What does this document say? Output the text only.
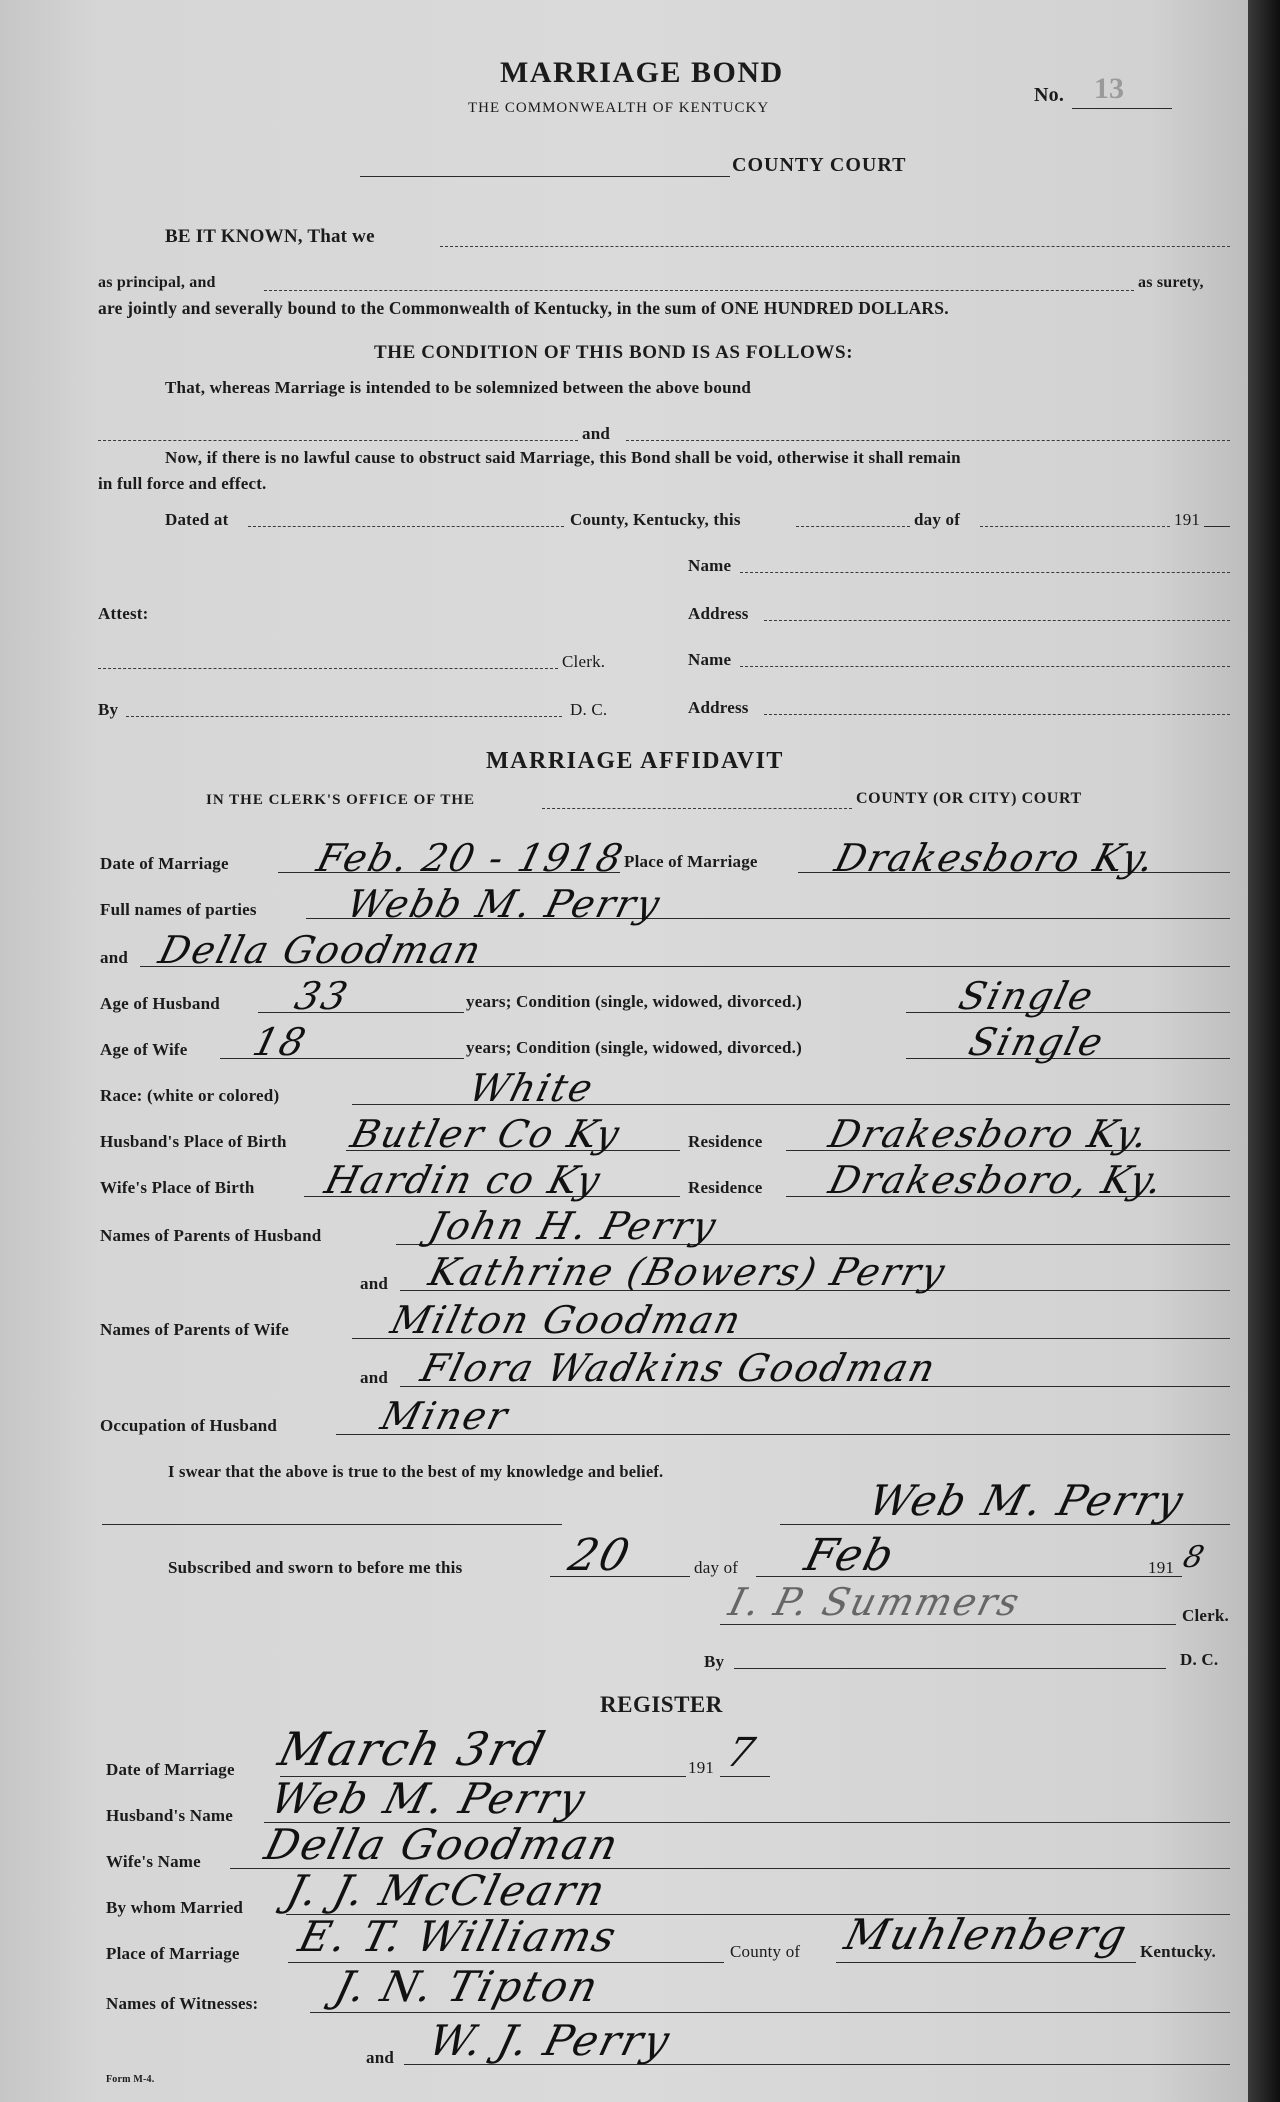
MARRIAGE BOND
THE COMMONWEALTH OF KENTUCKY
No. 13
COUNTY COURT
BE IT KNOWN, That we
as principal, and	as surety,
are jointly and severally bound to the Commonwealth of Kentucky, in the sum of ONE HUNDRED DOLLARS.
THE CONDITION OF THIS BOND IS AS FOLLOWS:
That, whereas Marriage is intended to be solemnized between the above bound
and
Now, if there is no lawful cause to obstruct said Marriage, this Bond shall be void, otherwise it shall remain
in full force and effect.
Dated at	County, Kentucky, this	day of	191
Name
Attest:	Address
Clerk.	Name
By	D. C.	Address
MARRIAGE AFFIDAVIT
IN THE CLERK'S OFFICE OF THE	COUNTY (OR CITY) COURT
Date of Marriage Feb. 20 - 1918
Place of Marriage Drakesboro Ky.
Full names of parties Webb M. Perry
and Della Goodman
Age of Husband 33	years; Condition (single, widowed, divorced.)	Single
Age of Wife 18	years; Condition (single, widowed, divorced.)	Single
Race: (white or colored)	White
Husband's Place of Birth Butler Co Ky	Residence Drakesboro Ky.
Wife's Place of Birth Hardin co Ky	Residence Drakesboro, Ky.
Names of Parents of Husband	John H. Perry
and Kathrine (Bowers) Perry
Names of Parents of Wife	Milton Goodman
and Flora Wadkins Goodman
Occupation of Husband	Miner
I swear that the above is true to the best of my knowledge and belief.
Web M. Perry
Subscribed and sworn to before me this 20	day of Feb	191 8
I. P. Summers	Clerk.
By	D. C.
REGISTER
Date of Marriage March 3rd	191 7
Husband's Name Web M. Perry
Wife's Name Della Goodman
By whom Married J. J. McClearn
Place of Marriage E. T. Williams	County of Muhlenberg Kentucky.
Names of Witnesses: J. N. Tipton
and W. J. Perry
Form M-4.
